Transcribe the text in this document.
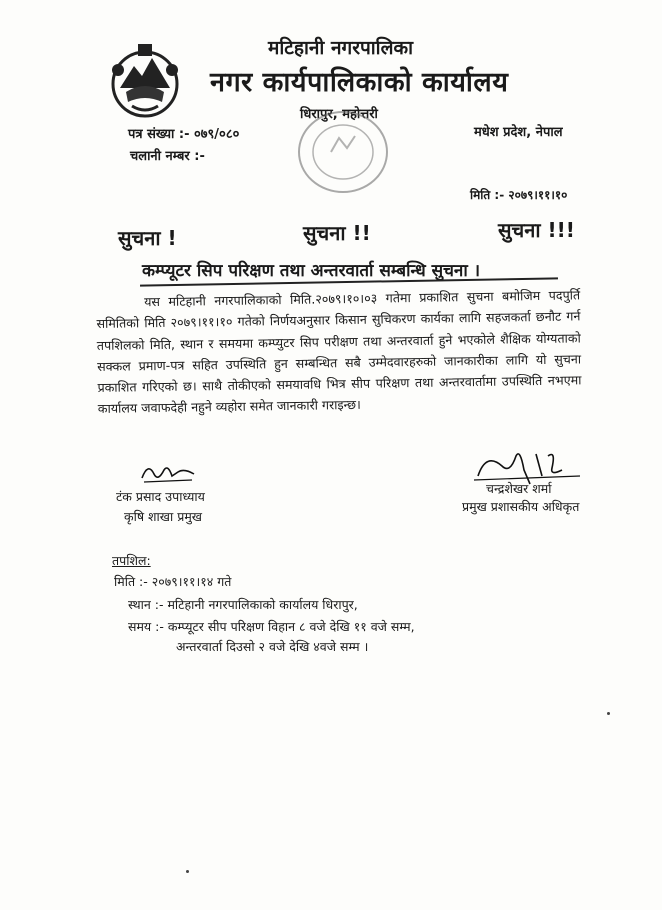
मटिहानी नगरपालिका
नगर कार्यपालिकाको कार्यालय
धिरापुर, महोत्तरी
मधेश प्रदेश, नेपाल
पत्र संख्या :- ०७९/०८०
चलानी नम्बर :-
मिति :- २०७९।११।१०
सुचना !	सुचना !!	सुचना !!!
कम्प्यूटर सिप परिक्षण तथा अन्तरवार्ता सम्बन्धि सुचना ।

यस मटिहानी नगरपालिकाको मिति.२०७९।१०।०३ गतेमा प्रकाशित सुचना बमोजिम पदपुर्ति समितिको मिति २०७९।११।१० गतेको निर्णयअनुसार किसान सुचिकरण कार्यका लागि सहजकर्ता छनौट गर्न तपशिलको मिति, स्थान र समयमा कम्प्युटर सिप परीक्षण तथा अन्तरवार्ता हुने भएकोले शैक्षिक योग्यताको सक्कल प्रमाण-पत्र सहित उपस्थिति हुन सम्बन्धित सबै उम्मेदवारहरुको जानकारीका लागि यो सुचना प्रकाशित गरिएको छ। साथै तोकीएको समयावधि भित्र सीप परिक्षण तथा अन्तरवार्तामा उपस्थिति नभएमा कार्यालय जवाफदेही नहुने व्यहोरा समेत जानकारी गराइन्छ।

टंक प्रसाद उपाध्याय
कृषि शाखा प्रमुख
चन्द्रशेखर शर्मा
प्रमुख प्रशासकीय अधिकृत
तपशिल:
मिति :- २०७९।११।१४ गते
स्थान :- मटिहानी नगरपालिकाको कार्यालय धिरापुर,
समय :- कम्प्यूटर सीप परिक्षण विहान ८ वजे देखि ११ वजे सम्म,
अन्तरवार्ता दिउसो २ वजे देखि ४वजे सम्म ।
